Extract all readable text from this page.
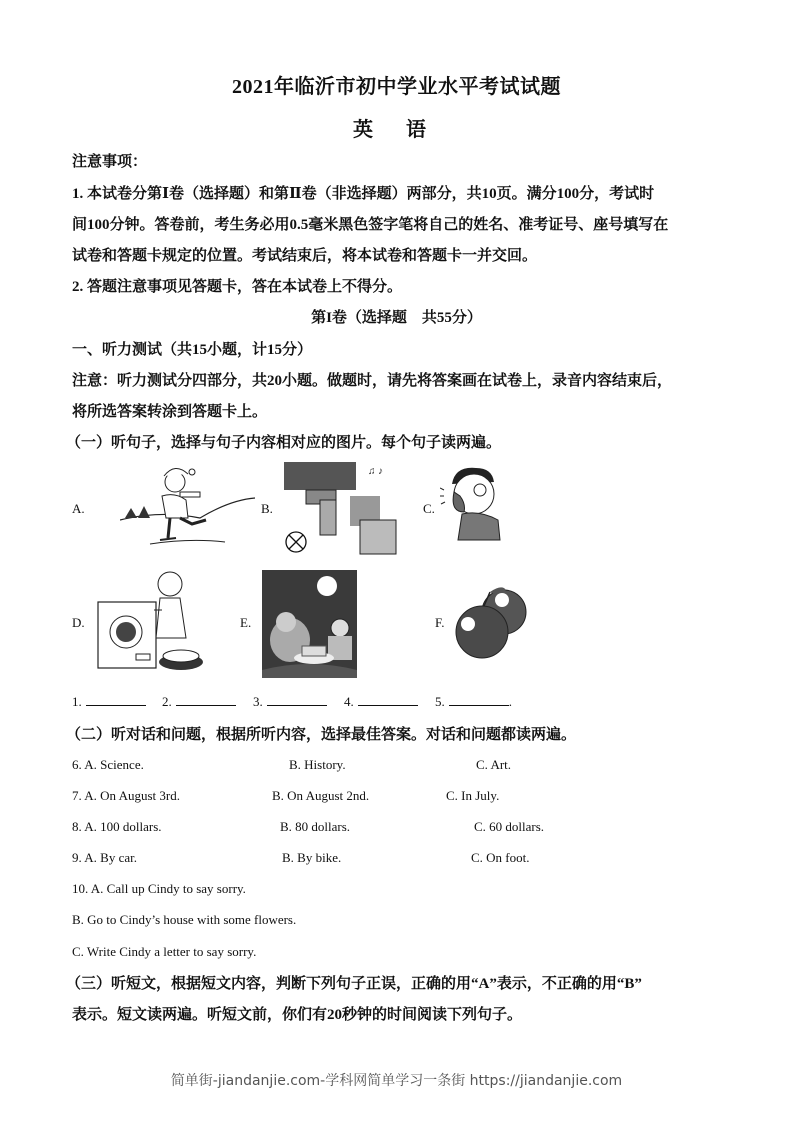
2021年临沂市初中学业水平考试试题
英 语
注意事项：
1. 本试卷分第Ⅰ卷（选择题）和第Ⅱ卷（非选择题）两部分，共10页。满分100分，考试时
间100分钟。答卷前，考生务必用0.5毫米黑色签字笔将自己的姓名、准考证号、座号填写在
试卷和答题卡规定的位置。考试结束后，将本试卷和答题卡一并交回。
2. 答题注意事项见答题卡，答在本试卷上不得分。
第I卷（选择题　共55分）
一、听力测试（共15小题，计15分）
注意：听力测试分四部分，共20小题。做题时，请先将答案画在试卷上，录音内容结束后，
将所选答案转涂到答题卡上。
（一）听句子，选择与句子内容相对应的图片。每个句子读两遍。
A.	B.
♫ ♪
C.
D.	E.	F.
1.	2.	3.	4.	5.	.
（二）听对话和问题，根据所听内容，选择最佳答案。对话和问题都读两遍。
6. A. Science.	B. History.	C. Art.
7. A. On August 3rd.	B. On August 2nd.	C. In July.
8. A. 100 dollars.	B. 80 dollars.	C. 60 dollars.
9. A. By car.	B. By bike.	C. On foot.
10. A. Call up Cindy to say sorry.
B. Go to Cindy’s house with some flowers.
C. Write Cindy a letter to say sorry.
（三）听短文，根据短文内容，判断下列句子正误，正确的用“A”表示，不正确的用“B”
表示。短文读两遍。听短文前，你们有20秒钟的时间阅读下列句子。
简单街-jiandanjie.com-学科网简单学习一条街 https://jiandanjie.com
